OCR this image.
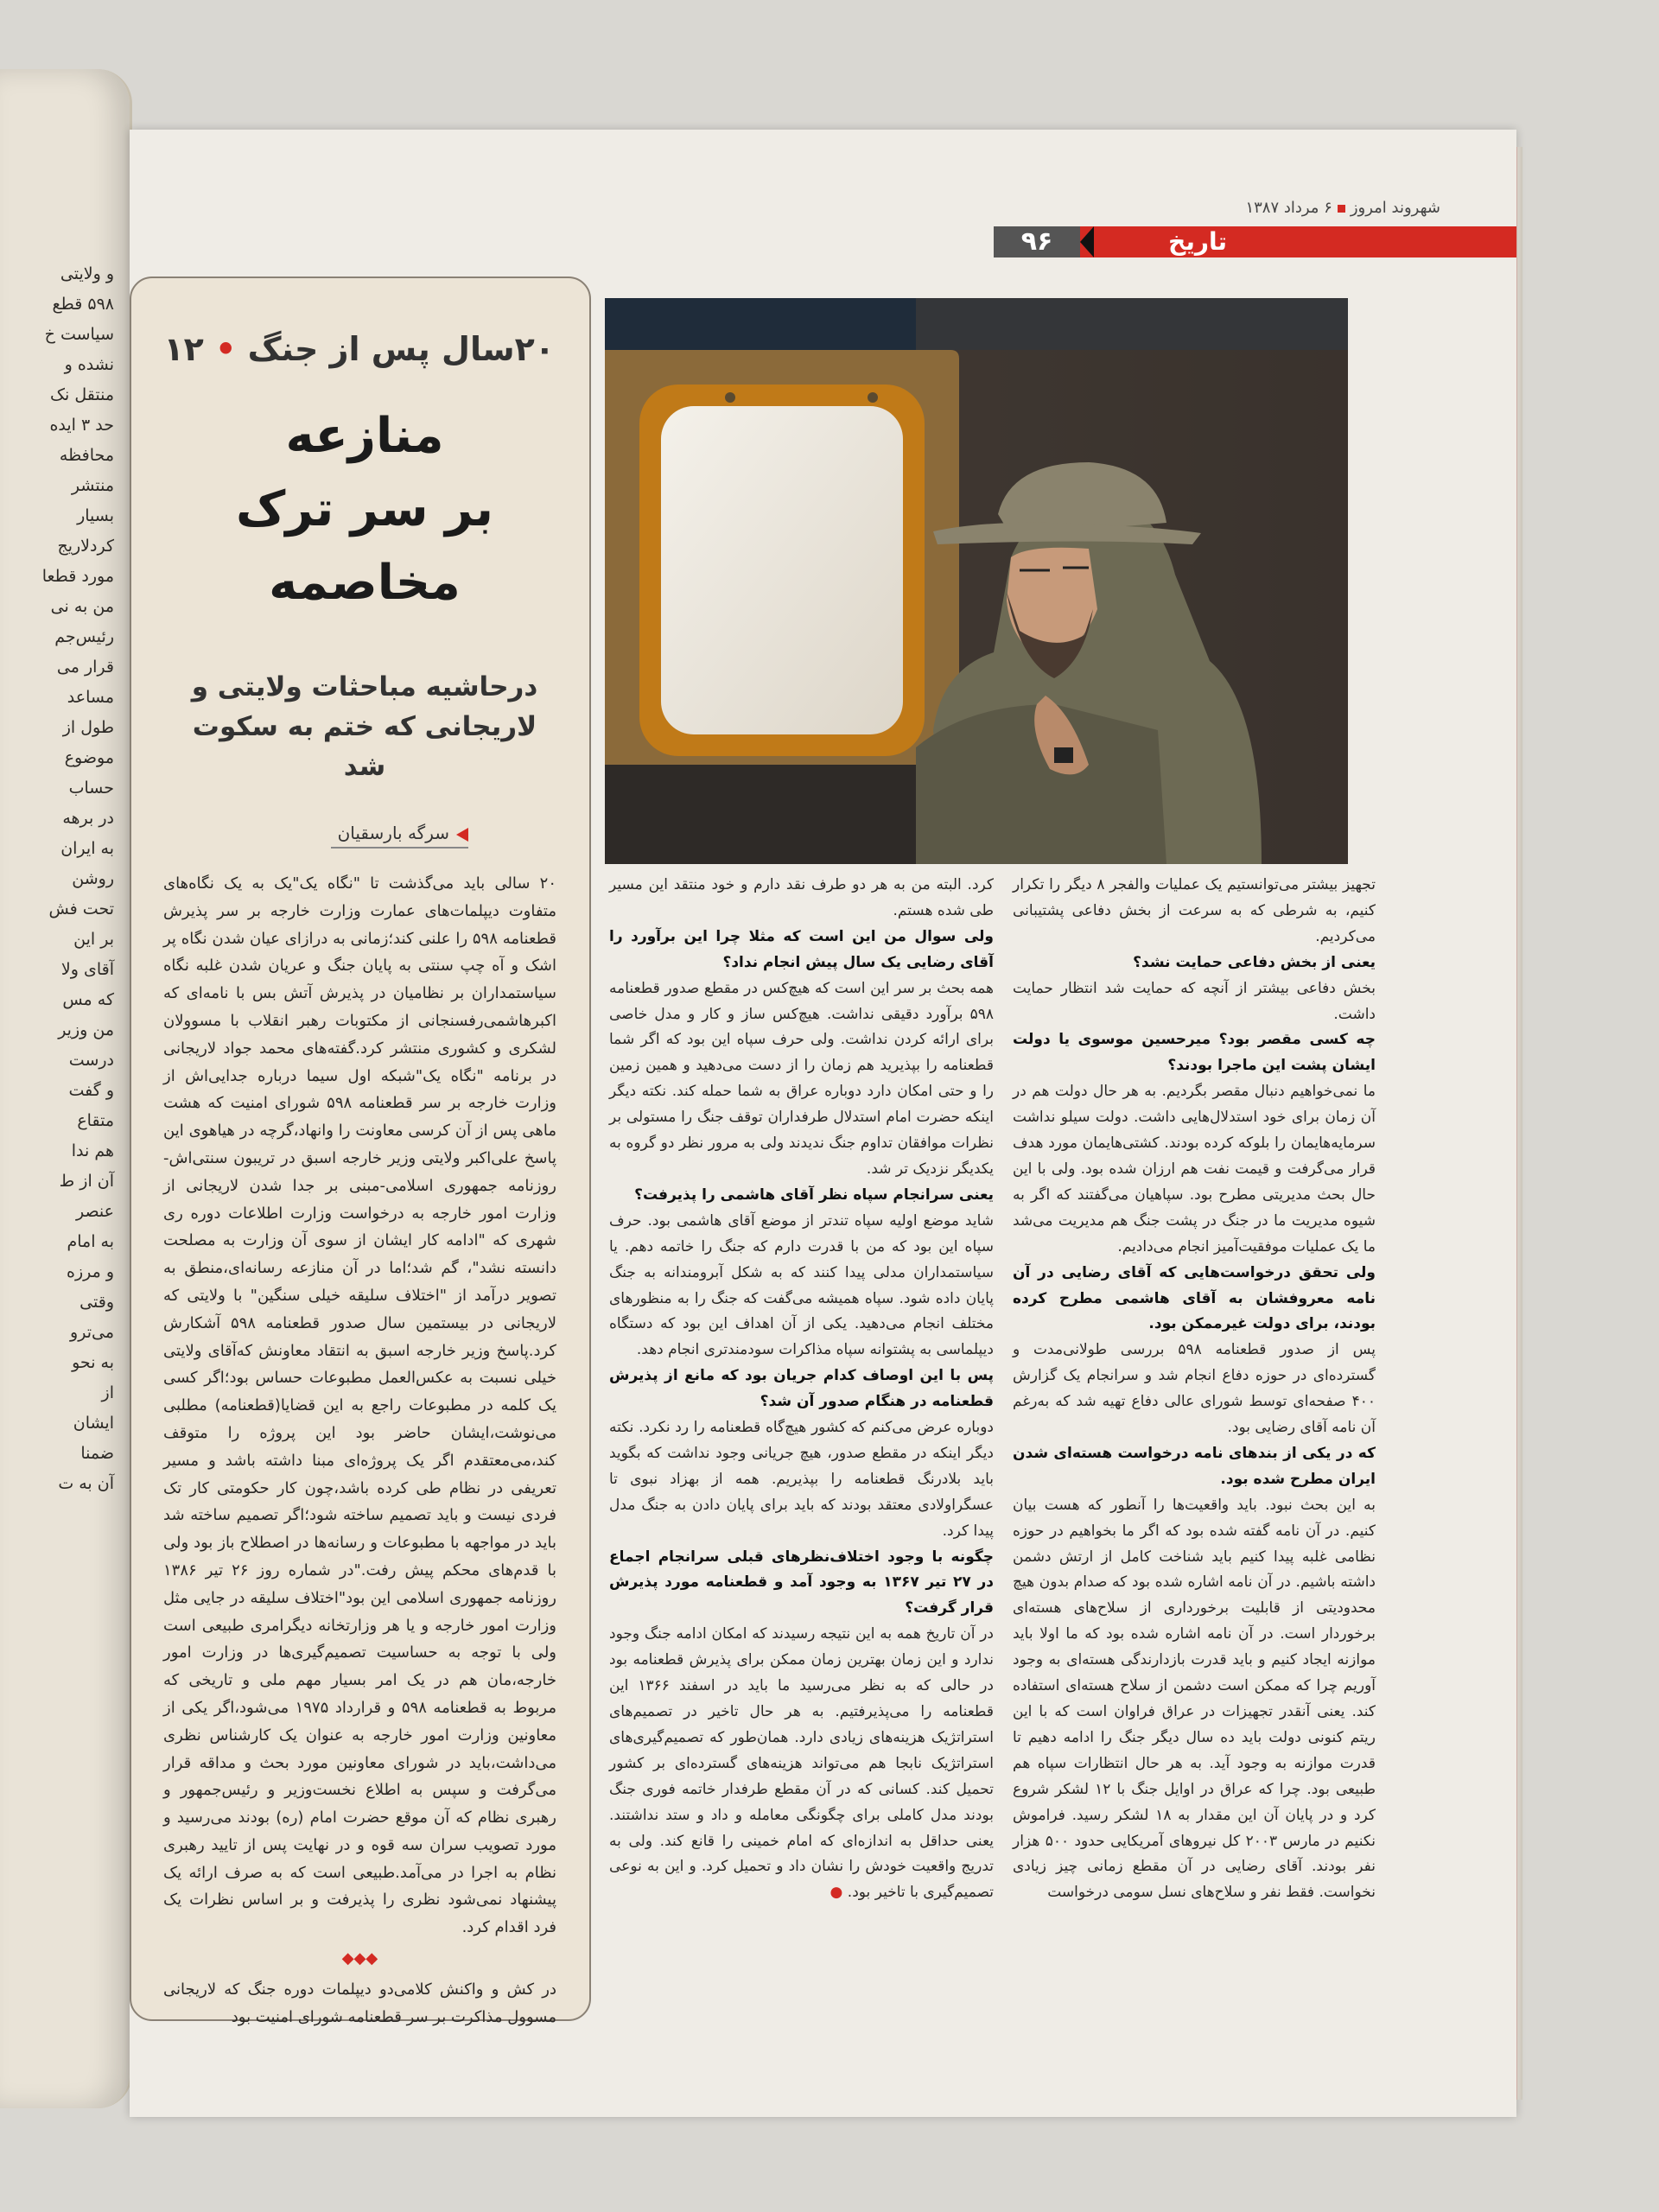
و ولایتی
۵۹۸ قطع
سیاست خ
نشده و
منتقل نک
حد ۳ ایده
محافظه‌
منتشر
بسیار
کردلاریج
مورد قطعا
من به نی
رئیس‌جم
قرار می
مساعد
طول از
موضوع
حساب
در برهه
به ایران
روشن
تحت فش
بر این
آقای ولا
که مس
من وزیر
درست
و گفت
متقاع
هم ندا
آن از ط
عنصر
به امام
و مرزه
وقتی
می‌ترو
به نحو
از
ایشان
ضمنا
آن به ت
شهروند امروز۶ مرداد ۱۳۸۷
۹۶	تاریخ
۲۰سال پس از جنگ • ۱۲
منازعه
بر سر ترک مخاصمه
درحاشیه مباحثات ولایتی و
لاریجانی که ختم به سکوت شد
سرگه بارسقیان

۲۰ سالی باید می‌گذشت تا "نگاه یک"یک به یک نگاه‌های متفاوت دیپلمات‌های عمارت وزارت خارجه بر سر پذیرش قطعنامه ۵۹۸ را علنی کند؛زمانی به درازای عیان شدن نگاه پر اشک و آه چپ سنتی به پایان جنگ و عریان شدن غلبه نگاه سیاستمداران بر نظامیان در پذیرش آتش بس با نامه‌ای که اکبرهاشمی‌رفسنجانی از مکتوبات رهبر انقلاب با مسوولان لشکری و کشوری منتشر کرد.گفته‌های محمد جواد لاریجانی در برنامه "نگاه یک"شبکه اول سیما درباره جدایی‌اش از وزارت خارجه بر سر قطعنامه ۵۹۸ شورای امنیت که هشت ماهی پس از آن کرسی معاونت را وانهاد،گرچه در هیاهوی این پاسخ علی‌اکبر ولایتی وزیر خارجه اسبق در تریبون سنتی‌اش-روزنامه جمهوری اسلامی-مبنی بر جدا شدن لاریجانی از وزارت امور خارجه به درخواست وزارت اطلاعات دوره ری شهری که "ادامه کار ایشان از سوی آن وزارت به مصلحت دانسته نشد"، گم شد؛اما در آن منازعه رسانه‌ای،منطق به تصویر درآمد از "اختلاف سلیقه خیلی سنگین" با ولایتی که لاریجانی در بیستمین سال صدور قطعنامه ۵۹۸ آشکارش کرد.پاسخ وزیر خارجه اسبق به انتقاد معاونش که‌آقای ولایتی خیلی نسبت به عکس‌العمل مطبوعات حساس بود؛اگر کسی یک کلمه در مطبوعات راجع به این قضایا(قطعنامه) مطلبی می‌نوشت،ایشان حاضر بود این پروژه را متوقف کند،می‌معتقدم اگر یک پروژه‌ای مبنا داشته باشد و مسیر تعریفی در نظام طی کرده باشد،چون کار حکومتی کار تک فردی نیست و باید تصمیم ساخته شود؛اگر تصمیم ساخته شد باید در مواجهه با مطبوعات و رسانه‌ها در اصطلاح باز بود ولی با قدم‌های محکم پیش رفت."در شماره روز ۲۶ تیر ۱۳۸۶ روزنامه جمهوری اسلامی این بود"اختلاف سلیقه در جایی مثل وزارت امور خارجه و یا هر وزارتخانه دیگرامری طبیعی است ولی با توجه به حساسیت تصمیم‌گیری‌ها در وزارت امور خارجه،مان هم در یک امر بسیار مهم ملی و تاریخی که مربوط به قطعنامه ۵۹۸ و قرارداد ۱۹۷۵ می‌شود،اگر یکی از معاونین وزارت امور خارجه به عنوان یک کارشناس نظری می‌داشت،باید در شورای معاونین مورد بحث و مداقه قرار می‌گرفت و سپس به اطلاع نخست‌وزیر و رئیس‌جمهور و رهبری نظام که آن موقع حضرت امام (ره) بودند می‌رسید و مورد تصویب سران سه قوه و در نهایت پس از تایید رهبری نظام به اجرا در می‌آمد.طبیعی است که به صرف ارائه یک پیشنهاد نمی‌شود نظری را پذیرفت و بر اساس نظرات یک فرد اقدام کرد.

◆◆◆

در کش و واکنش کلامی‌دو دیپلمات دوره جنگ که لاریجانی مسوول مذاکرت بر سر قطعنامه شورای امنیت بود

تجهیز بیشتر می‌توانستیم یک عملیات والفجر ۸ دیگر را تکرار کنیم، به شرطی که به سرعت از بخش دفاعی پشتیبانی می‌کردیم.

یعنی از بخش دفاعی حمایت نشد؟

بخش دفاعی بیشتر از آنچه که حمایت شد انتظار حمایت داشت.

چه کسی مقصر بود؟ میرحسین موسوی یا دولت ایشان پشت این ماجرا بودند؟

ما نمی‌خواهیم دنبال مقصر بگردیم. به هر حال دولت هم در آن زمان برای خود استدلال‌هایی داشت. دولت سیلو نداشت سرمایه‌هایمان را بلوکه کرده بودند. کشتی‌هایمان مورد هدف قرار می‌گرفت و قیمت نفت هم ارزان شده بود. ولی با این حال بحث مدیریتی مطرح بود. سپاهیان می‌گفتند که اگر به شیوه مدیریت ما در جنگ در پشت جنگ هم مدیریت می‌شد ما یک عملیات موفقیت‌آمیز انجام می‌دادیم.

ولی تحقق درخواست‌هایی که آقای رضایی در آن نامه معروفشان به آقای هاشمی مطرح کرده بودند، برای دولت غیرممکن بود.

پس از صدور قطعنامه ۵۹۸ بررسی طولانی‌مدت و گسترده‌ای در حوزه دفاع انجام شد و سرانجام یک گزارش ۴۰۰ صفحه‌ای توسط شورای عالی دفاع تهیه شد که به‌رغم آن نامه آقای رضایی بود.

که در یکی از بندهای نامه درخواست هسته‌ای شدن ایران مطرح شده بود.

به این بحث نبود. باید واقعیت‌ها را آنطور که هست بیان کنیم. در آن نامه گفته شده بود که اگر ما بخواهیم در حوزه نظامی غلبه پیدا کنیم باید شناخت کامل از ارتش دشمن داشته باشیم. در آن نامه اشاره شده بود که صدام بدون هیچ محدودیتی از قابلیت برخورداری از سلاح‌های هسته‌ای برخوردار است. در آن نامه اشاره شده بود که ما اولا باید موازنه ایجاد کنیم و باید قدرت بازدارندگی هسته‌ای به وجود آوریم چرا که ممکن است دشمن از سلاح هسته‌ای استفاده کند. یعنی آنقدر تجهیزات در عراق فراوان است که با این ریتم کنونی دولت باید ده سال دیگر جنگ را ادامه دهیم تا قدرت موازنه به وجود آید. به هر حال انتظارات سپاه هم طبیعی بود. چرا که عراق در اوایل جنگ با ۱۲ لشکر شروع کرد و در پایان آن این مقدار به ۱۸ لشکر رسید. فراموش نکنیم در مارس ۲۰۰۳ کل نیروهای آمریکایی حدود ۵۰۰ هزار نفر بودند. آقای رضایی در آن مقطع زمانی چیز زیادی نخواست. فقط نفر و سلاح‌های نسل سومی درخواست

کرد. البته من به هر دو طرف نقد دارم و خود منتقد این مسیر طی شده هستم.

ولی سوال من این است که مثلا چرا این برآورد را آقای رضایی یک سال پیش انجام نداد؟

همه بحث بر سر این است که هیچ‌کس در مقطع صدور قطعنامه ۵۹۸ برآورد دقیقی نداشت. هیچ‌کس ساز و کار و مدل خاصی برای ارائه کردن نداشت. ولی حرف سپاه این بود که اگر شما قطعنامه را بپذیرید هم زمان را از دست می‌دهید و همین زمین را و حتی امکان دارد دوباره عراق به شما حمله کند. نکته دیگر اینکه حضرت امام استدلال طرفداران توقف جنگ را مستولی بر نظرات موافقان تداوم جنگ ندیدند ولی به مرور نظر دو گروه به یکدیگر نزدیک تر شد.

یعنی سرانجام سپاه نظر آقای هاشمی را پذیرفت؟

شاید موضع اولیه سپاه تندتر از موضع آقای هاشمی بود. حرف سپاه این بود که من با قدرت دارم که جنگ را خاتمه دهم. یا سیاستمداران مدلی پیدا کنند که به شکل آبرومندانه به جنگ پایان داده شود. سپاه همیشه می‌گفت که جنگ را به منظورهای مختلف انجام می‌دهید. یکی از آن اهداف این بود که دستگاه دیپلماسی به پشتوانه سپاه مذاکرات سودمندتری انجام دهد.

پس با این اوصاف کدام جریان بود که مانع از پذیرش قطعنامه در هنگام صدور آن شد؟

دوباره عرض می‌کنم که کشور هیچ‌گاه قطعنامه را رد نکرد. نکته دیگر اینکه در مقطع صدور، هیچ جریانی وجود نداشت که بگوید باید بلادرنگ قطعنامه را بپذیریم. همه از بهزاد نبوی تا عسگراولادی معتقد بودند که باید برای پایان دادن به جنگ مدل پیدا کرد.

چگونه با وجود اختلاف‌نظرهای قبلی سرانجام اجماع در ۲۷ تیر ۱۳۶۷ به وجود آمد و قطعنامه مورد پذیرش قرار گرفت؟

در آن تاریخ همه به این نتیجه رسیدند که امکان ادامه جنگ وجود ندارد و این زمان بهترین زمان ممکن برای پذیرش قطعنامه بود در حالی که به نظر می‌رسید ما باید در اسفند ۱۳۶۶ این قطعنامه را می‌پذیرفتیم. به هر حال تاخیر در تصمیم‌های استراتژیک هزینه‌های زیادی دارد. همان‌طور که تصمیم‌گیری‌های استراتژیک نابجا هم می‌تواند هزینه‌های گسترده‌ای بر کشور تحمیل کند. کسانی که در آن مقطع طرفدار خاتمه فوری جنگ بودند مدل کاملی برای چگونگی معامله و داد و ستد نداشتند. یعنی حداقل به اندازه‌ای که امام خمینی را قانع کند. ولی به تدریج واقعیت خودش را نشان داد و تحمیل کرد. و این به نوعی تصمیم‌گیری با تاخیر بود. ●
